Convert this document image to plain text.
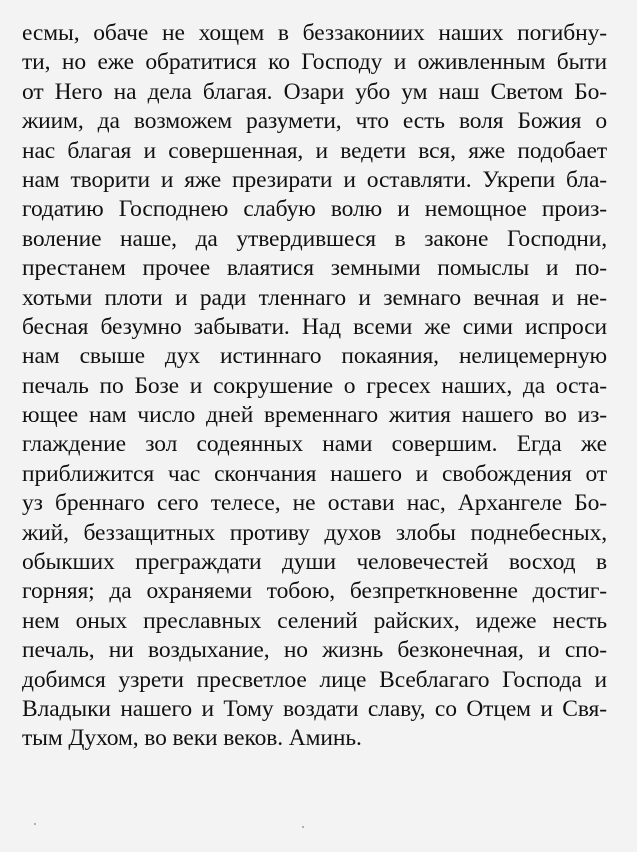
есмы, обаче не хощем в беззакониих наших погибну-
ти, но еже обратитися ко Господу и оживленным быти
от Него на дела благая. Озари убо ум наш Светом Бо-
жиим, да возможем разумети, что есть воля Божия о
нас благая и совершенная, и ведети вся, яже подобает
нам творити и яже презирати и оставляти. Укрепи бла-
годатию Господнею слабую волю и немощное произ-
воление наше, да утвердившеся в законе Господни,
престанем прочее влаятися земными помыслы и по-
хотьми плоти и ради тленнаго и земнаго вечная и не-
бесная безумно забывати. Над всеми же сими испроси
нам свыше дух истиннаго покаяния, нелицемерную
печаль по Бозе и сокрушение о гресех наших, да оста-
ющее нам число дней временнаго жития нашего во из-
глаждение зол содеянных нами совершим. Егда же
приближится час скончания нашего и свобождения от
уз бреннаго сего телесе, не остави нас, Архангеле Бо-
жий, беззащитных противу духов злобы поднебесных,
обыкших преграждати души человечестей восход в
горняя; да охраняеми тобою, безпреткновенне достиг-
нем оных преславных селений райских, идеже несть
печаль, ни воздыхание, но жизнь безконечная, и спо-
добимся узрети пресветлое лице Всеблагаго Господа и
Владыки нашего и Тому воздати славу, со Отцем и Свя-
тым Духом, во веки веков. Аминь.
